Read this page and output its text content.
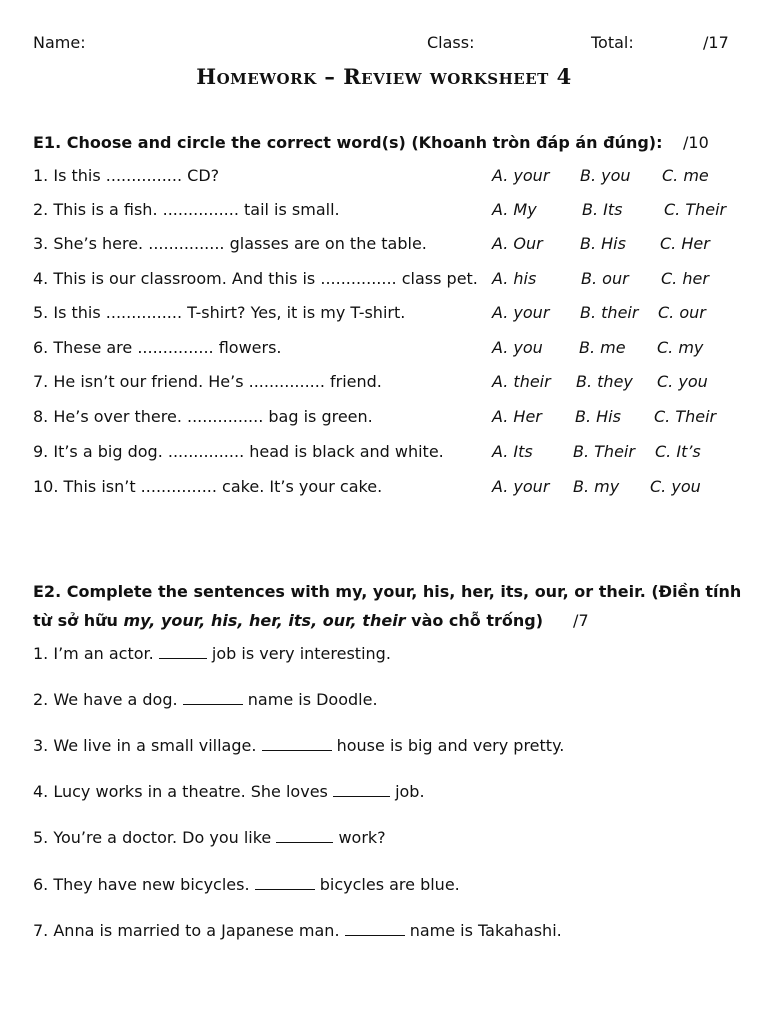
Name:	Class:	Total:	/17
Homework – Review worksheet 4
E1. Choose and circle the correct word(s) (Khoanh tròn đáp án đúng): /10
1. Is this ............... CD?	A. your B. you C. me
2. This is a fish. ............... tail is small.	A. My	B. Its	C. Their
3. She’s here. ............... glasses are on the table.	A. Our B. His C. Her
4. This is our classroom. And this is ............... class pet. A. his	B. our C. her
5. Is this ............... T-shirt? Yes, it is my T-shirt.	A. your B. their C. our
6. These are ............... flowers.	A. you B. me C. my
7. He isn’t our friend. He’s ............... friend.	A. their B. they C. you
8. He’s over there. ............... bag is green.	A. Her B. His C. Their
9. It’s a big dog. ............... head is black and white.	A. Its	B. Their C. It’s
10. This isn’t ............... cake. It’s your cake.	A. your B. my C. you
E2. Complete the sentences with my, your, his, her, its, our, or their. (Điền tính từ sở hữu my, your, his, her, its, our, their vào chỗ trống) /7
1. I’m an actor.	job is very interesting.
2. We have a dog.	name is Doodle.
3. We live in a small village.	house is big and very pretty.
4. Lucy works in a theatre. She loves	job.
5. You’re a doctor. Do you like	work?
6. They have new bicycles.	bicycles are blue.
7. Anna is married to a Japanese man.	name is Takahashi.
